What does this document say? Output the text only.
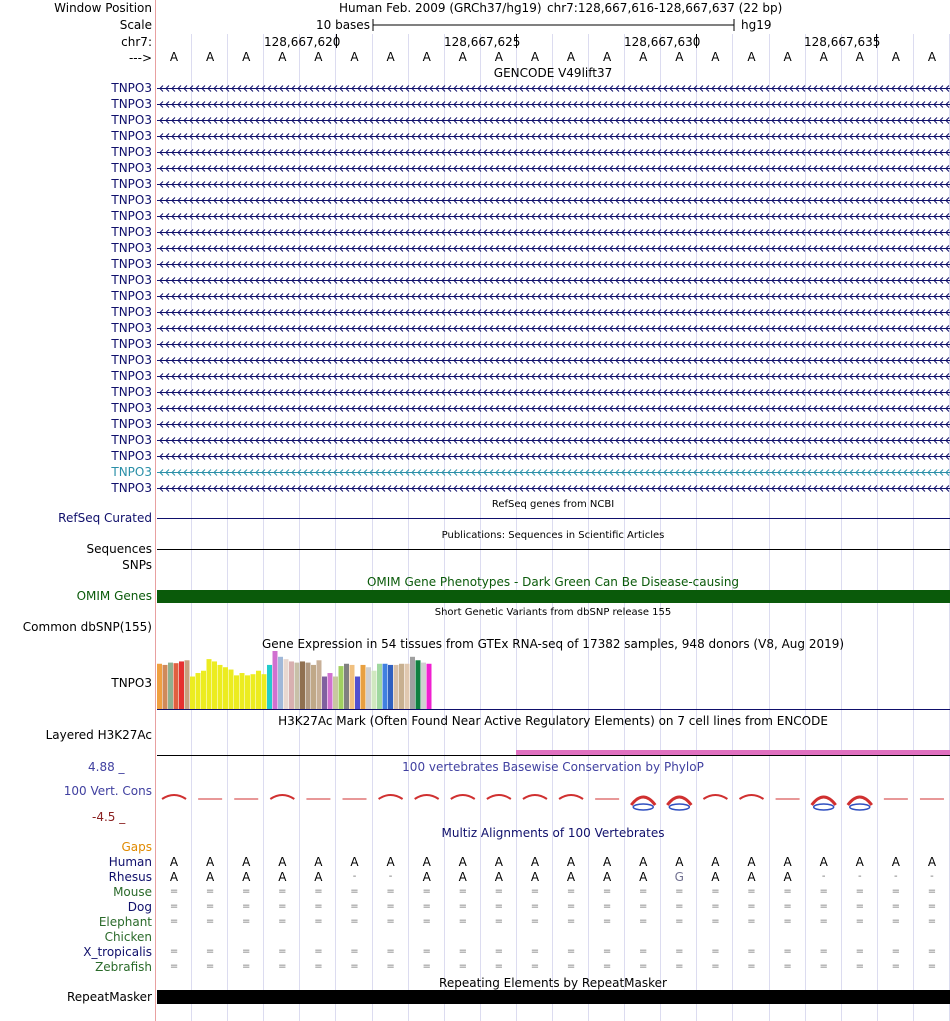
Window Position	Human Feb. 2009 (GRCh37/hg19) chr7:128,667,616-128,667,637 (22 bp)
Scale	10 bases	hg19
chr7:	128,667,620	128,667,625	128,667,630	128,667,635
---> A A A A A A A A A A A A A A A A A A A A A A
GENCODE V49lift37
TNPO3
TNPO3
TNPO3
TNPO3
TNPO3
TNPO3
TNPO3
TNPO3
TNPO3
TNPO3
TNPO3
TNPO3
TNPO3
TNPO3
TNPO3
TNPO3
TNPO3
TNPO3
TNPO3
TNPO3
TNPO3
TNPO3
TNPO3
TNPO3
TNPO3
TNPO3
RefSeq genes from NCBI
RefSeq Curated
Publications: Sequences in Scientific Articles
Sequences
SNPs
OMIM Gene Phenotypes - Dark Green Can Be Disease-causing
OMIM Genes
Short Genetic Variants from dbSNP release 155
Common dbSNP(155)
Gene Expression in 54 tissues from GTEx RNA-seq of 17382 samples, 948 donors (V8, Aug 2019)
TNPO3
H3K27Ac Mark (Often Found Near Active Regulatory Elements) on 7 cell lines from ENCODE
Layered H3K27Ac
4.88 _	100 vertebrates Basewise Conservation by PhyloP
100 Vert. Cons
-4.5 _
Multiz Alignments of 100 Vertebrates
Gaps
Human A A A A A A A A A A A A A A A A A A A A A A
Rhesus A A A A A	-	-	A A A A A A A G A A A	-	-	-	-
Mouse =	=	=	=	=	=	=	=	=	=	=	=	=	=	=	=	=	=	=	=	=	=
Dog =	=	=	=	=	=	=	=	=	=	=	=	=	=	=	=	=	=	=	=	=	=
Elephant =	=	=	=	=	=	=	=	=	=	=	=	=	=	=	=	=	=	=	=	=	=
Chicken
X_tropicalis =	=	=	=	=	=	=	=	=	=	=	=	=	=	=	=	=	=	=	=	=	=
Zebrafish =	=	=	=	=	=	=	=	=	=	=	=	=	=	=	=	=	=	=	=	=	=
RepeatMasker
Repeating Elements by RepeatMasker
